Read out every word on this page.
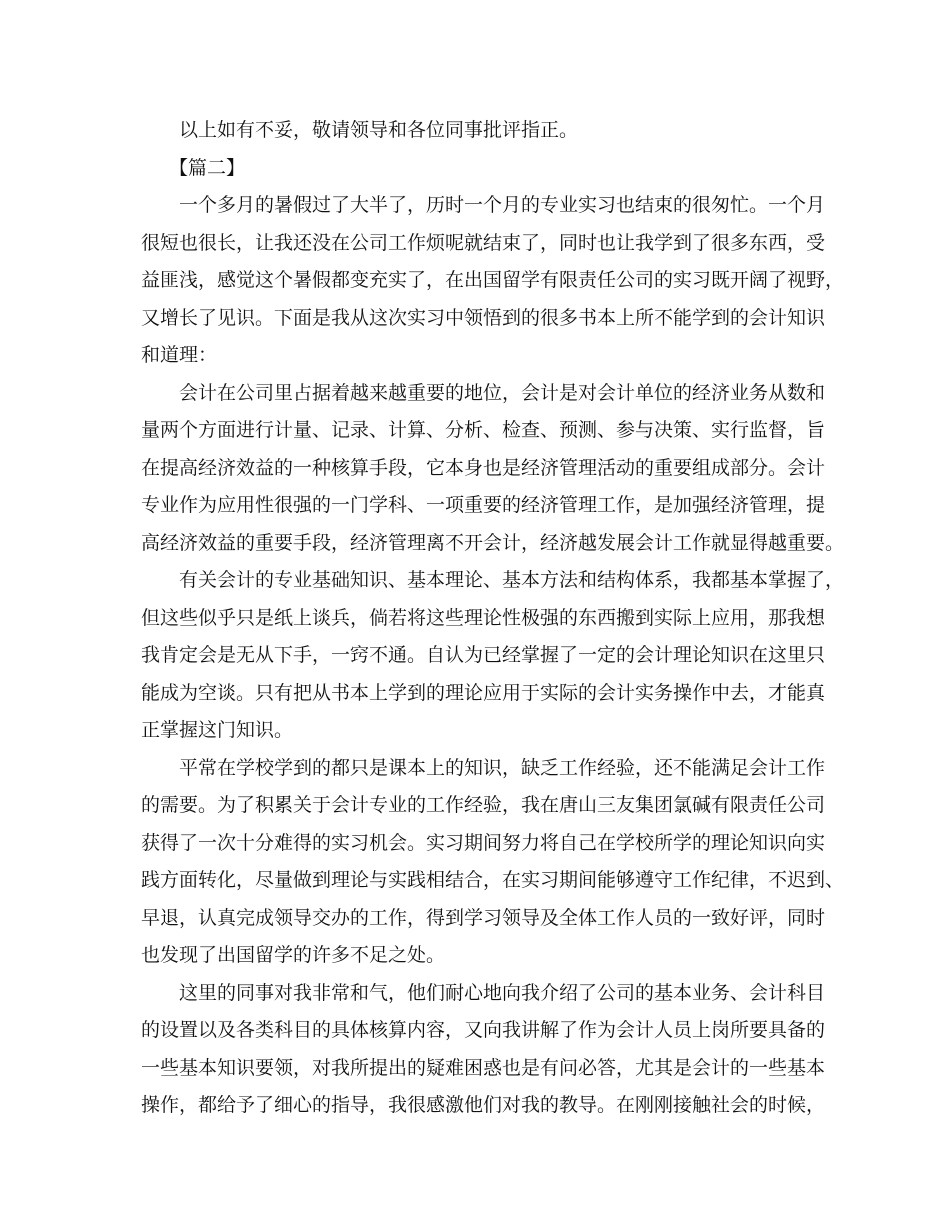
以上如有不妥，敬请领导和各位同事批评指正。
【篇二】
一个多月的暑假过了大半了，历时一个月的专业实习也结束的很匆忙。一个月
很短也很长，让我还没在公司工作烦呢就结束了，同时也让我学到了很多东西，受
益匪浅，感觉这个暑假都变充实了，在出国留学有限责任公司的实习既开阔了视野，
又增长了见识。下面是我从这次实习中领悟到的很多书本上所不能学到的会计知识
和道理：
会计在公司里占据着越来越重要的地位，会计是对会计单位的经济业务从数和
量两个方面进行计量、记录、计算、分析、检查、预测、参与决策、实行监督，旨
在提高经济效益的一种核算手段，它本身也是经济管理活动的重要组成部分。会计
专业作为应用性很强的一门学科、一项重要的经济管理工作，是加强经济管理，提
高经济效益的重要手段，经济管理离不开会计，经济越发展会计工作就显得越重要。
有关会计的专业基础知识、基本理论、基本方法和结构体系，我都基本掌握了，
但这些似乎只是纸上谈兵，倘若将这些理论性极强的东西搬到实际上应用，那我想
我肯定会是无从下手，一窍不通。自认为已经掌握了一定的会计理论知识在这里只
能成为空谈。只有把从书本上学到的理论应用于实际的会计实务操作中去，才能真
正掌握这门知识。
平常在学校学到的都只是课本上的知识，缺乏工作经验，还不能满足会计工作
的需要。为了积累关于会计专业的工作经验，我在唐山三友集团氯碱有限责任公司
获得了一次十分难得的实习机会。实习期间努力将自己在学校所学的理论知识向实
践方面转化，尽量做到理论与实践相结合，在实习期间能够遵守工作纪律，不迟到、
早退，认真完成领导交办的工作，得到学习领导及全体工作人员的一致好评，同时
也发现了出国留学的许多不足之处。
这里的同事对我非常和气，他们耐心地向我介绍了公司的基本业务、会计科目
的设置以及各类科目的具体核算内容，又向我讲解了作为会计人员上岗所要具备的
一些基本知识要领，对我所提出的疑难困惑也是有问必答，尤其是会计的一些基本
操作，都给予了细心的指导，我很感激他们对我的教导。在刚刚接触社会的时候，
